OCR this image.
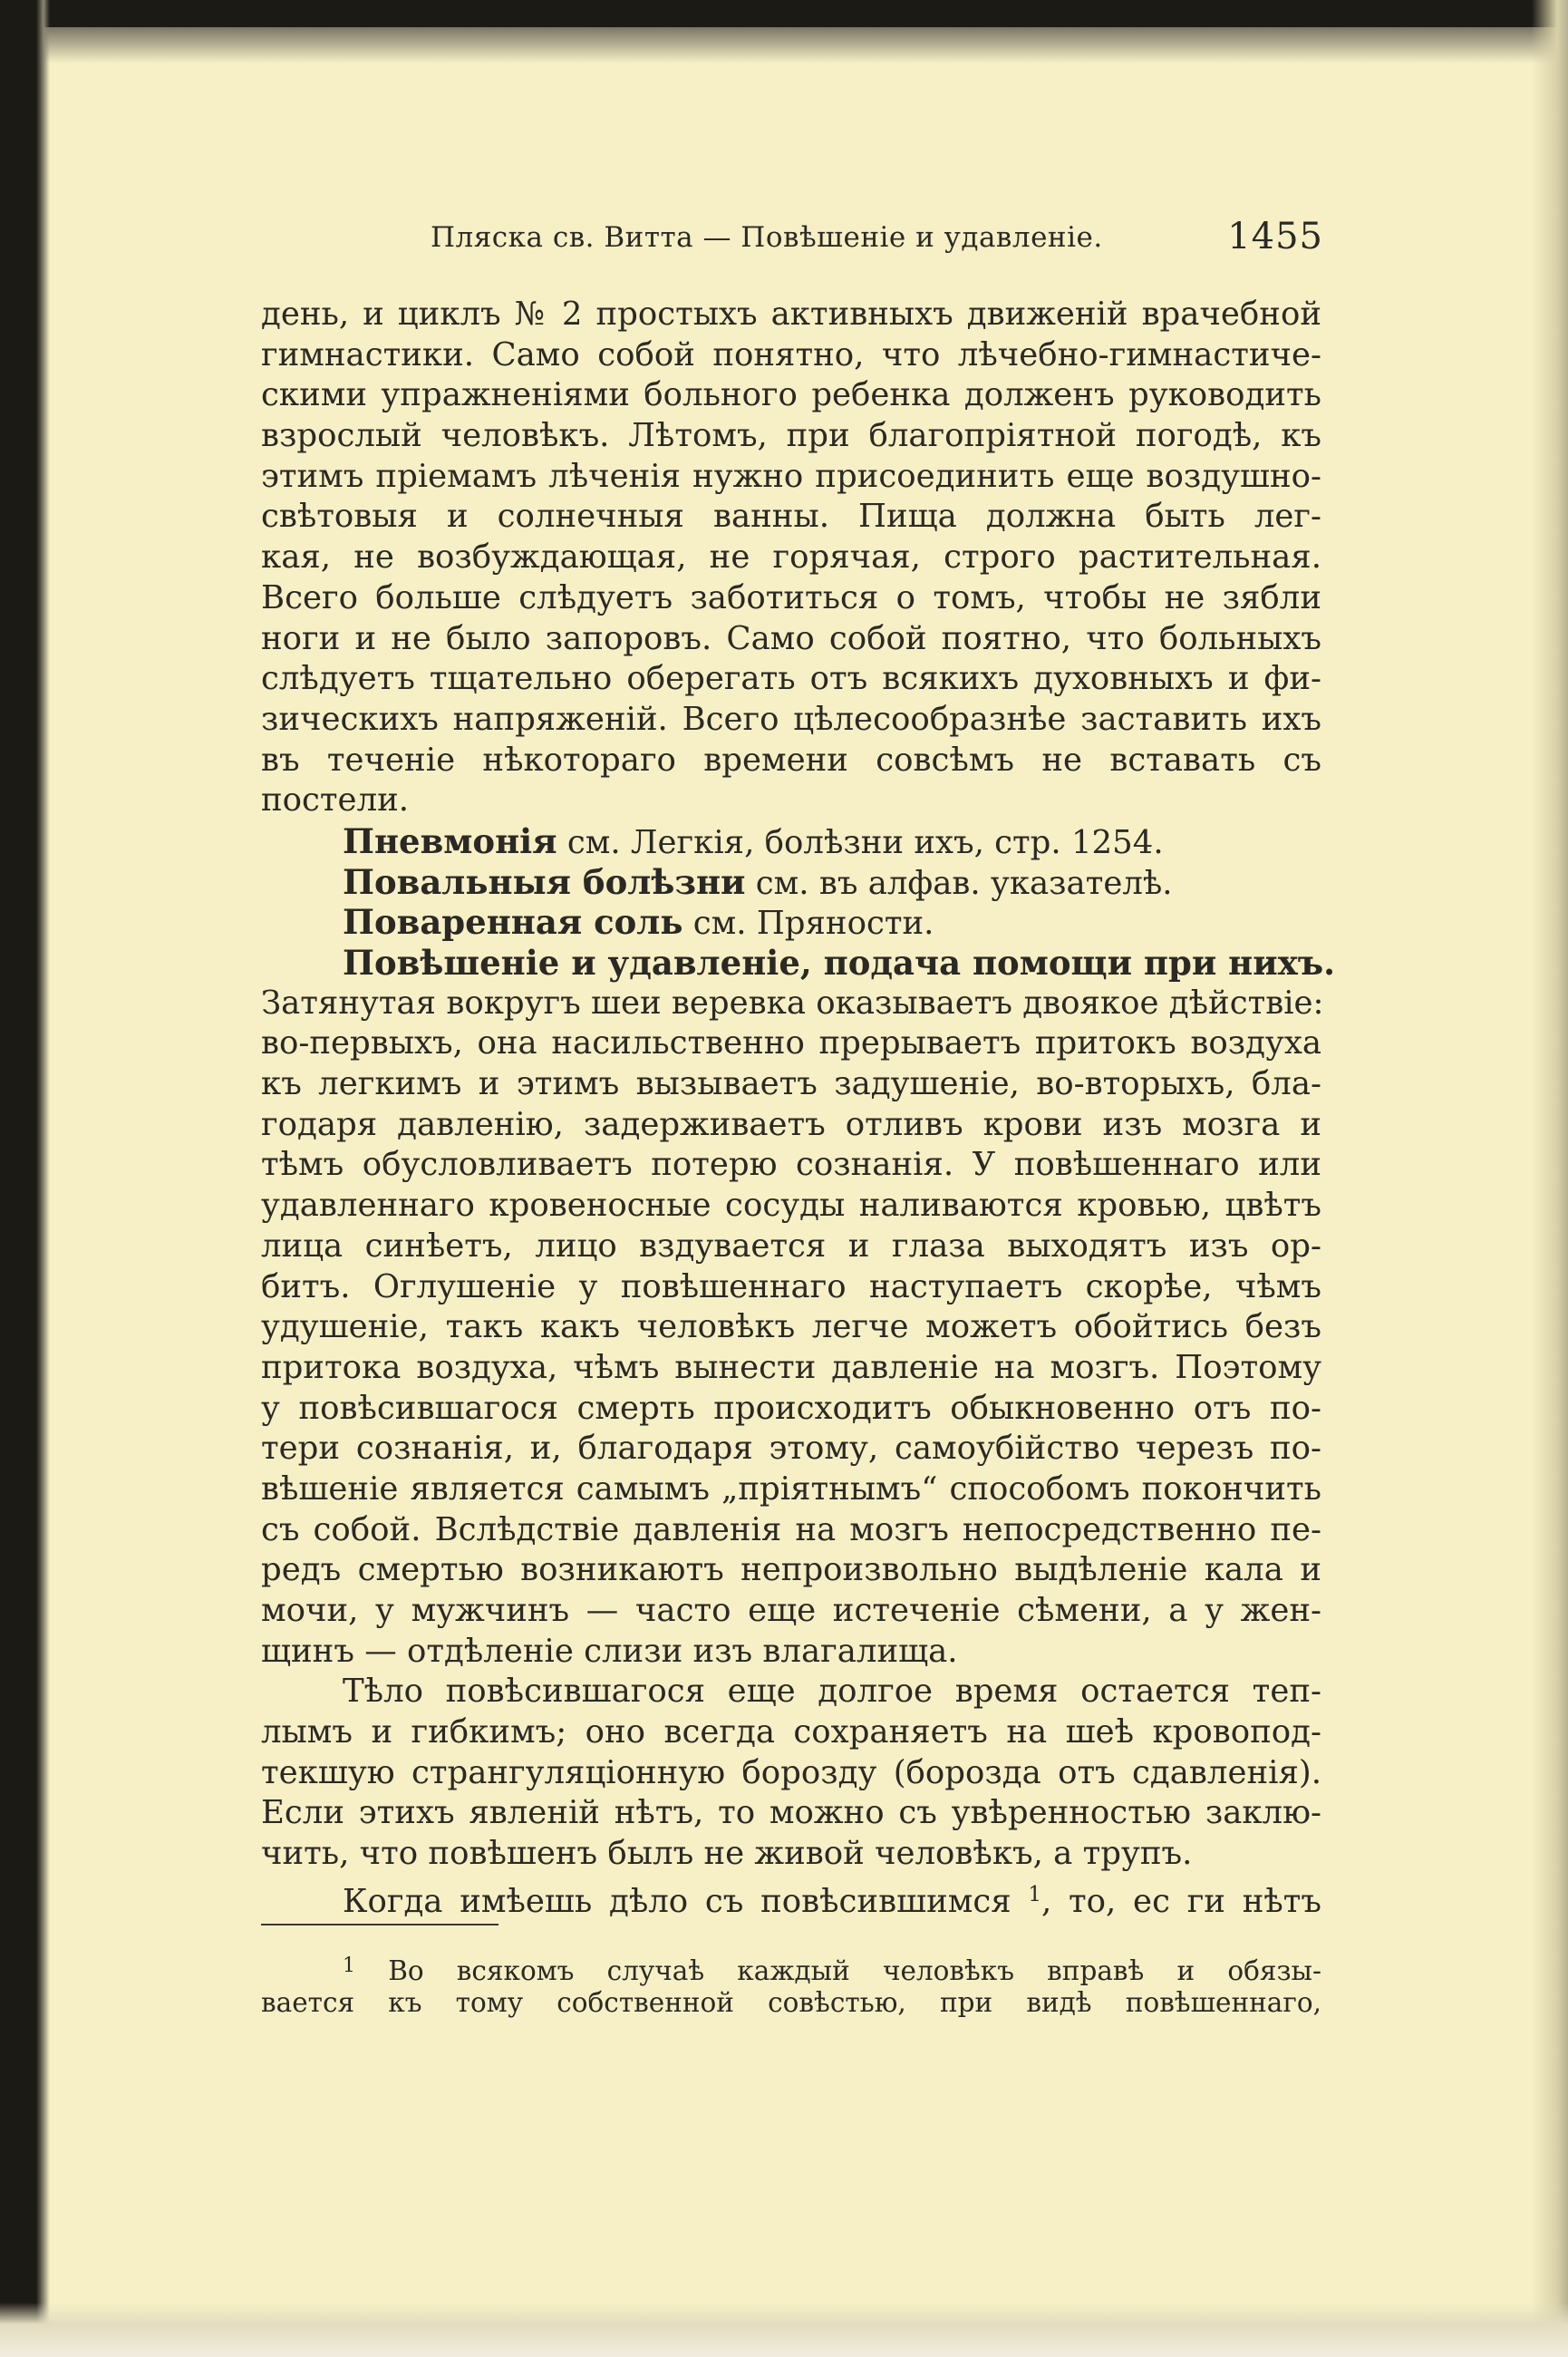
Пляска св. Витта — Повѣшеніе и удавленіе.	1455
день, и циклъ № 2 простыхъ активныхъ движеній врачебной
гимнастики. Само собой понятно, что лѣчебно-гимнастиче-
скими упражненіями больного ребенка долженъ руководить
взрослый человѣкъ. Лѣтомъ, при благопріятной погодѣ, къ
этимъ пріемамъ лѣченія нужно присоединить еще воздушно-
свѣтовыя и солнечныя ванны. Пища должна быть лег-
кая, не возбуждающая, не горячая, строго растительная.
Всего больше слѣдуетъ заботиться о томъ, чтобы не зябли
ноги и не было запоровъ. Само собой поятно, что больныхъ
слѣдуетъ тщательно оберегать отъ всякихъ духовныхъ и фи-
зическихъ напряженій. Всего цѣлесообразнѣе заставить ихъ
въ теченіе нѣкотораго времени совсѣмъ не вставать съ
постели.
Пневмонія см. Легкія, болѣзни ихъ, стр. 1254.
Повальныя болѣзни см. въ алфав. указателѣ.
Поваренная соль см. Пряности.
Повѣшеніе и удавленіе, подача помощи при нихъ.
Затянутая вокругъ шеи веревка оказываетъ двоякое дѣйствіе:
во-первыхъ, она насильственно прерываетъ притокъ воздуха
къ легкимъ и этимъ вызываетъ задушеніе, во-вторыхъ, бла-
годаря давленію, задерживаетъ отливъ крови изъ мозга и
тѣмъ обусловливаетъ потерю сознанія. У повѣшеннаго или
удавленнаго кровеносные сосуды наливаются кровью, цвѣтъ
лица синѣетъ, лицо вздувается и глаза выходятъ изъ ор-
битъ. Оглушеніе у повѣшеннаго наступаетъ скорѣе, чѣмъ
удушеніе, такъ какъ человѣкъ легче можетъ обойтись безъ
притока воздуха, чѣмъ вынести давленіе на мозгъ. Поэтому
у повѣсившагося смерть происходитъ обыкновенно отъ по-
тери сознанія, и, благодаря этому, самоубійство черезъ по-
вѣшеніе является самымъ „пріятнымъ“ способомъ покончить
съ собой. Вслѣдствіе давленія на мозгъ непосредственно пе-
редъ смертью возникаютъ непроизвольно выдѣленіе кала и
мочи, у мужчинъ — часто еще истеченіе сѣмени, а у жен-
щинъ — отдѣленіе слизи изъ влагалища.
Тѣло повѣсившагося еще долгое время остается теп-
лымъ и гибкимъ; оно всегда сохраняетъ на шеѣ кровопод-
текшую странгуляціонную борозду (борозда отъ сдавленія).
Если этихъ явленій нѣтъ, то можно съ увѣренностью заклю-
чить, что повѣшенъ былъ не живой человѣкъ, а трупъ.
Когда имѣешь дѣло съ повѣсившимся $^1$, то, ес ги нѣтъ
$^1$ Во всякомъ случаѣ каждый человѣкъ вправѣ и обязы-
вается къ тому собственной совѣстью, при видѣ повѣшеннаго,
